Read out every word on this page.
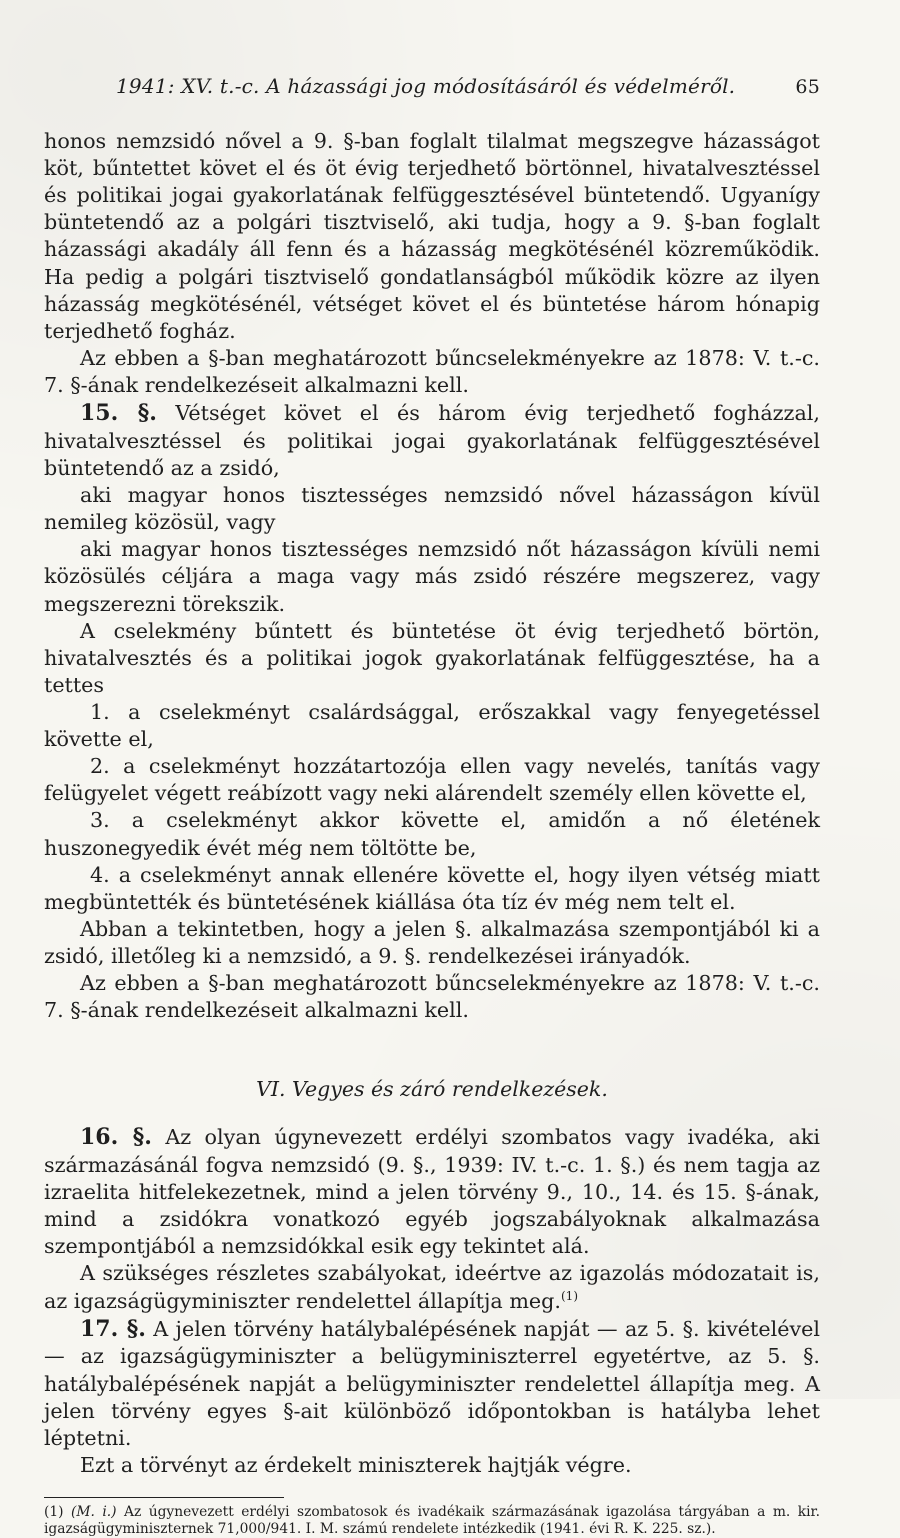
1941: XV. t.-c. A házassági jog módosításáról és védelméről.	65

honos nemzsidó nővel a 9. §-ban foglalt tilalmat megszegve házasságot köt, bűntettet követ el és öt évig terjedhető börtönnel, hivatalvesztéssel és politikai jogai gyakorlatának felfüggesztésével büntetendő. Ugyanígy büntetendő az a polgári tisztviselő, aki tudja, hogy a 9. §-ban foglalt házassági akadály áll fenn és a házasság megkötésénél közreműködik. Ha pedig a polgári tisztviselő gondatlanságból működik közre az ilyen házasság megkötésénél, vétséget követ el és büntetése három hónapig terjedhető fogház.

Az ebben a §-ban meghatározott bűncselekményekre az 1878: V. t.-c. 7. §-ának rendelkezéseit alkalmazni kell.

15. §. Vétséget követ el és három évig terjedhető fogházzal, hivatalvesztéssel és politikai jogai gyakorlatának felfüggesztésével büntetendő az a zsidó,

aki magyar honos tisztességes nemzsidó nővel házasságon kívül nemileg közösül, vagy

aki magyar honos tisztességes nemzsidó nőt házasságon kívüli nemi közösülés céljára a maga vagy más zsidó részére megszerez, vagy megszerezni törekszik.

A cselekmény bűntett és büntetése öt évig terjedhető börtön, hivatalvesztés és a politikai jogok gyakorlatának felfüggesztése, ha a tettes

1. a cselekményt csalárdsággal, erőszakkal vagy fenyegetéssel követte el,

2. a cselekményt hozzátartozója ellen vagy nevelés, tanítás vagy felügyelet végett reábízott vagy neki alárendelt személy ellen követte el,

3. a cselekményt akkor követte el, amidőn a nő életének huszonegyedik évét még nem töltötte be,

4. a cselekményt annak ellenére követte el, hogy ilyen vétség miatt megbüntették és büntetésének kiállása óta tíz év még nem telt el.

Abban a tekintetben, hogy a jelen §. alkalmazása szempontjából ki a zsidó, illetőleg ki a nemzsidó, a 9. §. rendelkezései irányadók.

Az ebben a §-ban meghatározott bűncselekményekre az 1878: V. t.-c. 7. §-ának rendelkezéseit alkalmazni kell.

VI. Vegyes és záró rendelkezések.

16. §. Az olyan úgynevezett erdélyi szombatos vagy ivadéka, aki származásánál fogva nemzsidó (9. §., 1939: IV. t.-c. 1. §.) és nem tagja az izraelita hitfelekezetnek, mind a jelen törvény 9., 10., 14. és 15. §-ának, mind a zsidókra vonatkozó egyéb jogszabályoknak alkalmazása szempontjából a nemzsidókkal esik egy tekintet alá.

A szükséges részletes szabályokat, ideértve az igazolás módozatait is, az igazságügyminiszter rendelettel állapítja meg.$^{(1)}$

17. §. A jelen törvény hatálybalépésének napját — az 5. §. kivételével — az igazságügyminiszter a belügyminiszterrel egyetértve, az 5. §. hatálybalépésének napját a belügyminiszter rendelettel állapítja meg. A jelen törvény egyes §-ait különböző időpontokban is hatályba lehet léptetni.

Ezt a törvényt az érdekelt miniszterek hajtják végre.

(1) (M. i.) Az úgynevezett erdélyi szombatosok és ivadékaik származásának igazolása tárgyában a m. kir. igazságügyminiszternek 71,000/941. I. M. számú rendelete intézkedik (1941. évi R. K. 225. sz.).
